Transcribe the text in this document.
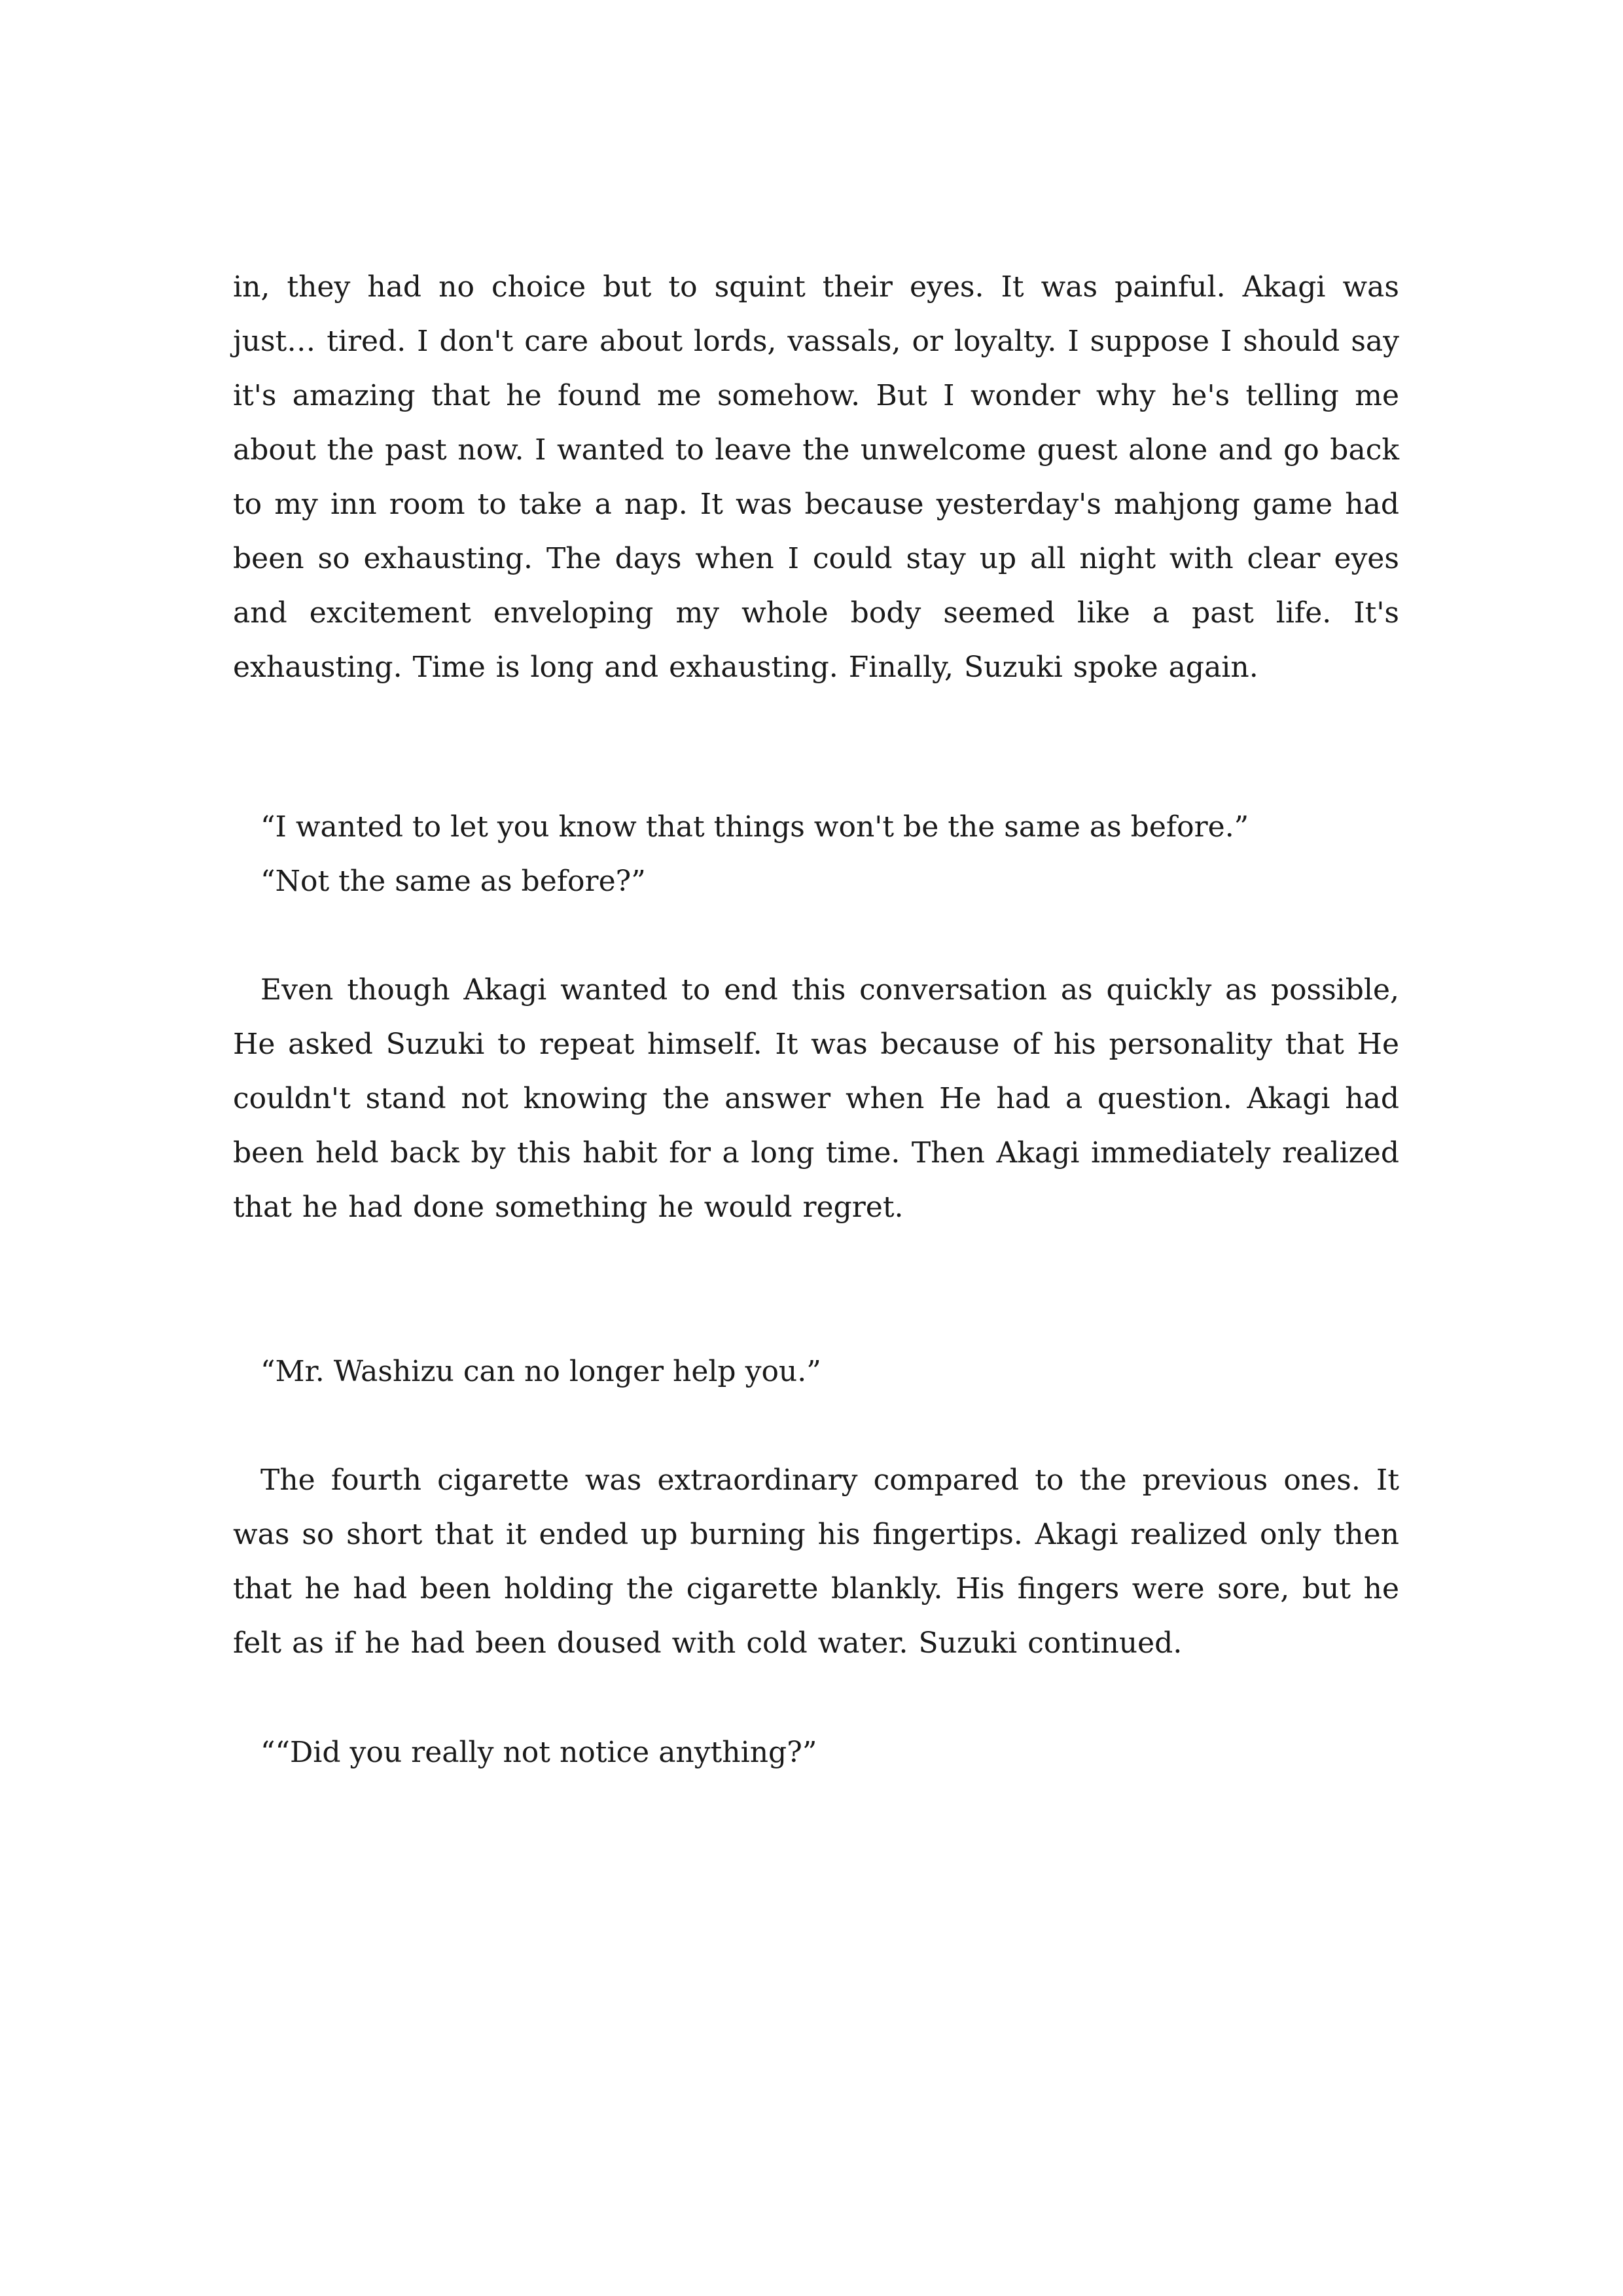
in, they had no choice but to squint their eyes. It was painful. Akagi was just… tired. I don't care about lords, vassals, or loyalty. I suppose I should say it's amazing that he found me somehow. But I wonder why he's telling me about the past now. I wanted to leave the unwelcome guest alone and go back to my inn room to take a nap. It was because yesterday's mahjong game had been so exhausting. The days when I could stay up all night with clear eyes and excitement enveloping my whole body seemed like a past life. It's exhausting. Time is long and exhausting. Finally, Suzuki spoke again.

“I wanted to let you know that things won't be the same as before.”

“Not the same as before?”

Even though Akagi wanted to end this conversation as quickly as possible, He asked Suzuki to repeat himself. It was because of his personality that He couldn't stand not knowing the answer when He had a question. Akagi had been held back by this habit for a long time. Then Akagi immediately realized that he had done something he would regret.

“Mr. Washizu can no longer help you.”

The fourth cigarette was extraordinary compared to the previous ones. It was so short that it ended up burning his fingertips. Akagi realized only then that he had been holding the cigarette blankly. His fingers were sore, but he felt as if he had been doused with cold water. Suzuki continued.

““Did you really not notice anything?”
